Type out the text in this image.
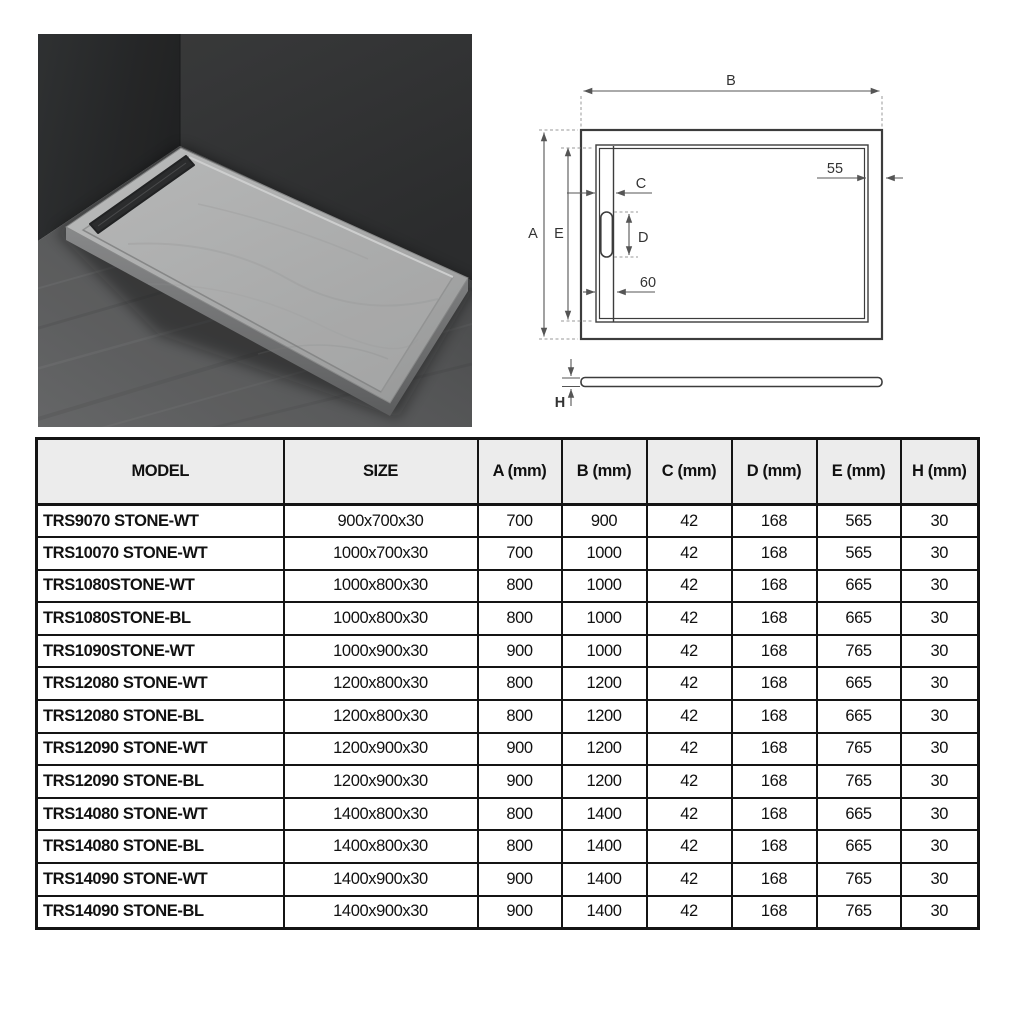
B
A E
C
D
60
55
H
MODEL	SIZE	A (mm)	B (mm)	C (mm)	D (mm)	E (mm)	H (mm)
TRS9070 STONE-WT	900x700x30	700	900	42	168	565	30
TRS10070 STONE-WT	1000x700x30	700	1000	42	168	565	30
TRS1080STONE-WT	1000x800x30	800	1000	42	168	665	30
TRS1080STONE-BL	1000x800x30	800	1000	42	168	665	30
TRS1090STONE-WT	1000x900x30	900	1000	42	168	765	30
TRS12080 STONE-WT	1200x800x30	800	1200	42	168	665	30
TRS12080 STONE-BL	1200x800x30	800	1200	42	168	665	30
TRS12090 STONE-WT	1200x900x30	900	1200	42	168	765	30
TRS12090 STONE-BL	1200x900x30	900	1200	42	168	765	30
TRS14080 STONE-WT	1400x800x30	800	1400	42	168	665	30
TRS14080 STONE-BL	1400x800x30	800	1400	42	168	665	30
TRS14090 STONE-WT	1400x900x30	900	1400	42	168	765	30
TRS14090 STONE-BL	1400x900x30	900	1400	42	168	765	30
